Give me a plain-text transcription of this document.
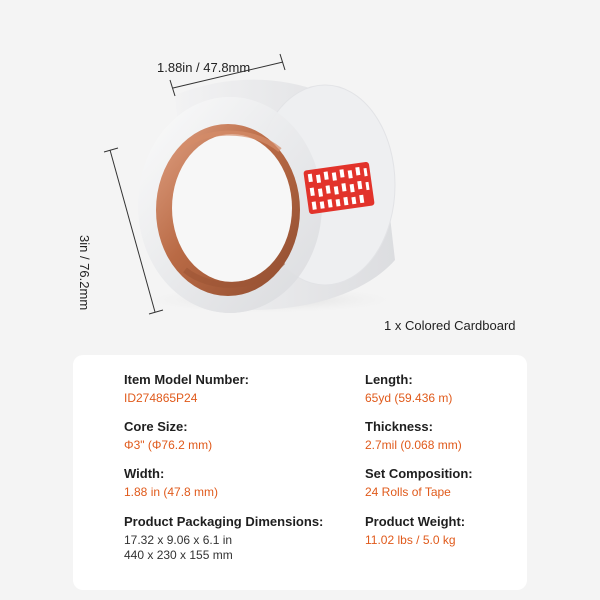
1.88in / 47.8mm
3in / 76.2mm
1 x Colored Cardboard
Item Model Number:
ID274865P24
Core Size:
Φ3" (Φ76.2 mm)
Width:
1.88 in (47.8 mm)
Product Packaging Dimensions:
17.32 x 9.06 x 6.1 in
440 x 230 x 155 mm
Length:
65yd (59.436 m)
Thickness:
2.7mil (0.068 mm)
Set Composition:
24 Rolls of Tape
Product Weight:
11.02 lbs / 5.0 kg
